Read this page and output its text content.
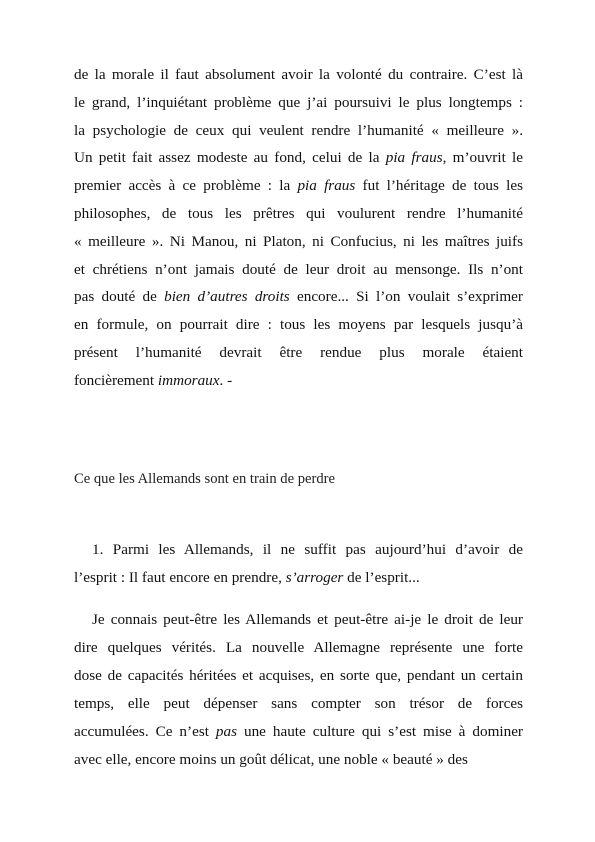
de la morale il faut absolument avoir la volonté du contraire. C’est là
le grand, l’inquiétant problème que j’ai poursuivi le plus longtemps :
la psychologie de ceux qui veulent rendre l’humanité « meilleure ».
Un petit fait assez modeste au fond, celui de la pia fraus, m’ouvrit le
premier accès à ce problème : la pia fraus fut l’héritage de tous les
philosophes, de tous les prêtres qui voulurent rendre l’humanité
« meilleure ». Ni Manou, ni Platon, ni Confucius, ni les maîtres juifs
et chrétiens n’ont jamais douté de leur droit au mensonge. Ils n’ont
pas douté de bien d’autres droits encore... Si l’on voulait s’exprimer
en formule, on pourrait dire : tous les moyens par lesquels jusqu’à
présent l’humanité devrait être rendue plus morale étaient
foncièrement immoraux. -
Ce que les Allemands sont en train de perdre
1. Parmi les Allemands, il ne suffit pas aujourd’hui d’avoir de
l’esprit : Il faut encore en prendre, s’arroger de l’esprit...
Je connais peut-être les Allemands et peut-être ai-je le droit de leur
dire quelques vérités. La nouvelle Allemagne représente une forte
dose de capacités héritées et acquises, en sorte que, pendant un certain
temps, elle peut dépenser sans compter son trésor de forces
accumulées. Ce n’est pas une haute culture qui s’est mise à dominer
avec elle, encore moins un goût délicat, une noble « beauté » des
